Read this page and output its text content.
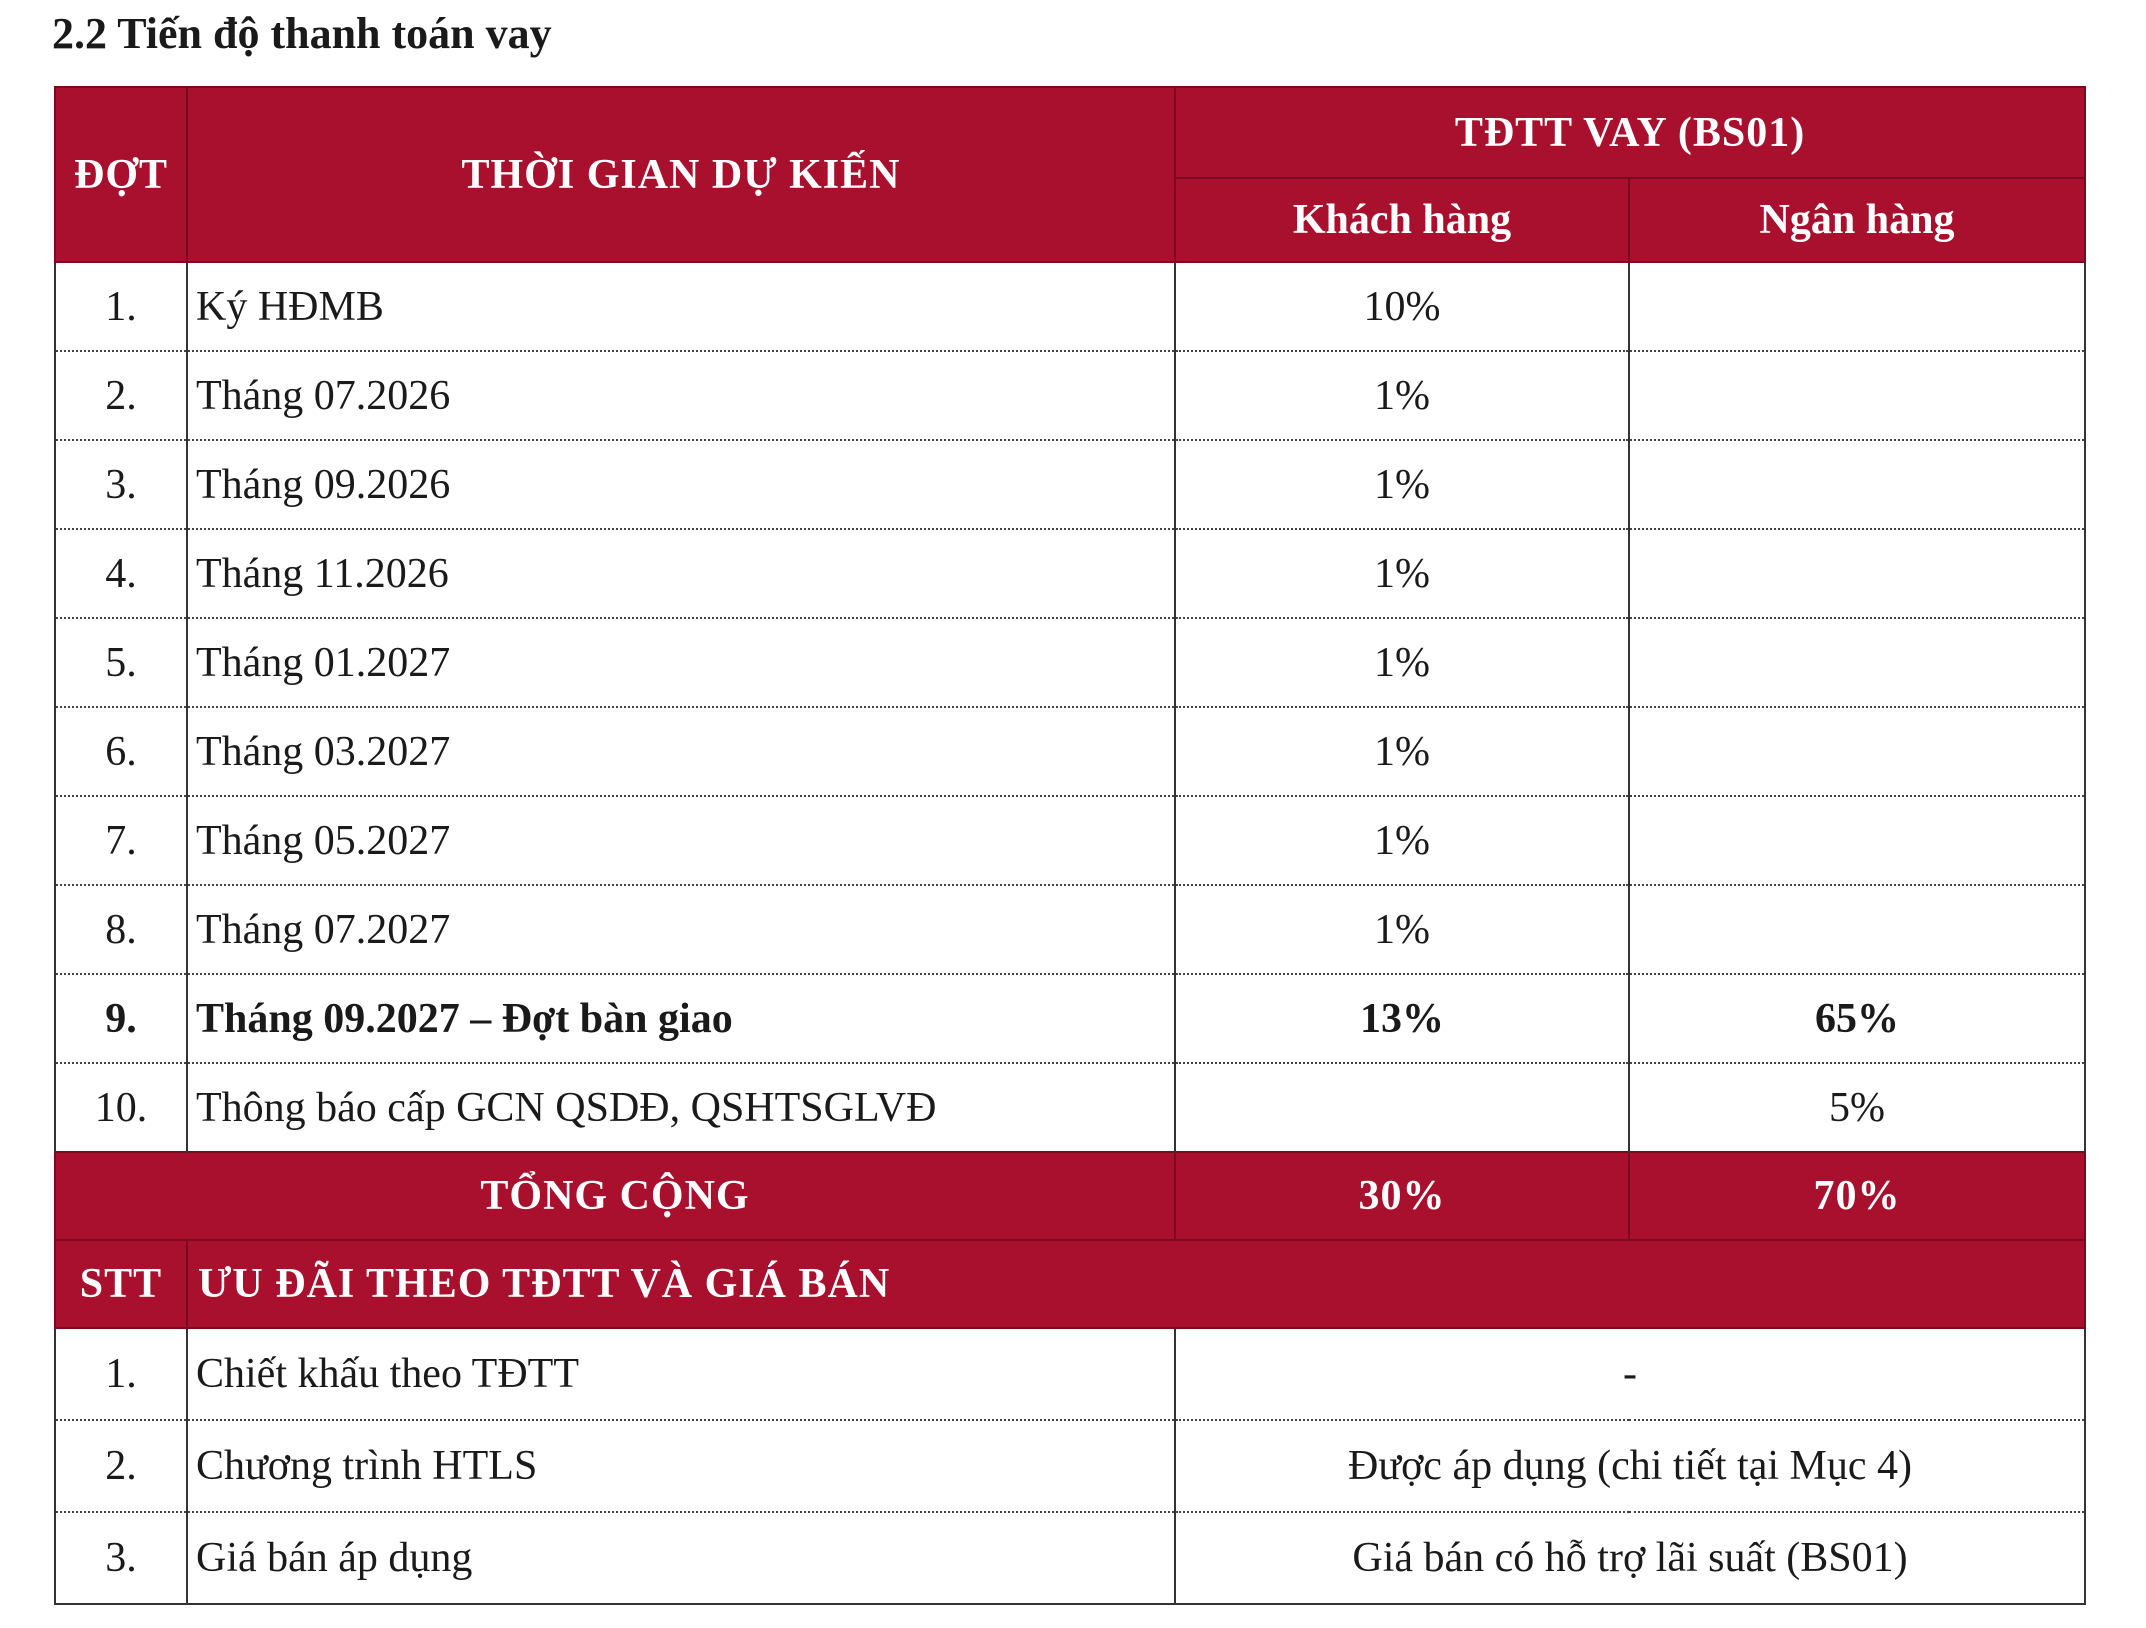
2.2 Tiến độ thanh toán vay
ĐỢT	THỜI GIAN DỰ KIẾN	TĐTT VAY (BS01)	
		Khách hàng	Ngân hàng
1.	Ký HĐMB	10%	
2.	Tháng 07.2026	1%	
3.	Tháng 09.2026	1%	
4.	Tháng 11.2026	1%	
5.	Tháng 01.2027	1%	
6.	Tháng 03.2027	1%	
7.	Tháng 05.2027	1%	
8.	Tháng 07.2027	1%	
9.	Tháng 09.2027 – Đợt bàn giao	13%	65%
10.	Thông báo cấp GCN QSDĐ, QSHTSGLVĐ		5%
TỔNG CỘNG		30%	70%
STT	ƯU ĐÃI THEO TĐTT VÀ GIÁ BÁN		
1.	Chiết khấu theo TĐTT	-	
2.	Chương trình HTLS	Được áp dụng (chi tiết tại Mục 4)	
3.	Giá bán áp dụng	Giá bán có hỗ trợ lãi suất (BS01)	
